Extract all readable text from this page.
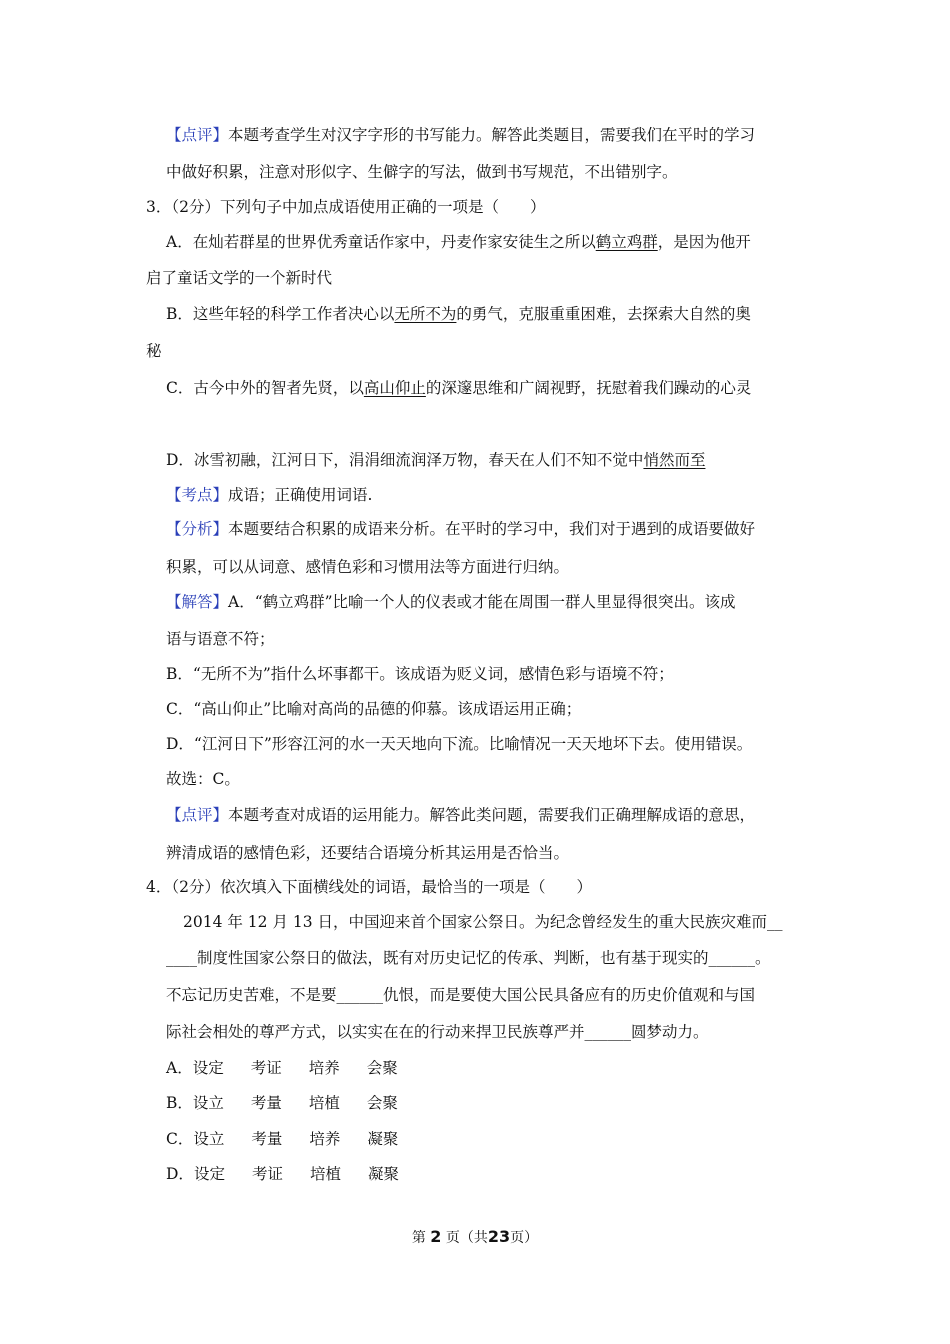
【点评】本题考查学生对汉字字形的书写能力。解答此类题目，需要我们在平时的学习
中做好积累，注意对形似字、生僻字的写法，做到书写规范，不出错别字。
3．（2分）下列句子中加点成语使用正确的一项是（　　）
A．在灿若群星的世界优秀童话作家中，丹麦作家安徒生之所以鹤立鸡群，是因为他开
启了童话文学的一个新时代
B．这些年轻的科学工作者决心以无所不为的勇气，克服重重困难，去探索大自然的奥
秘
C．古今中外的智者先贤，以高山仰止的深邃思维和广阔视野，抚慰着我们躁动的心灵
D．冰雪初融，江河日下，涓涓细流润泽万物，春天在人们不知不觉中悄然而至
【考点】成语；正确使用词语.
【分析】本题要结合积累的成语来分析。在平时的学习中，我们对于遇到的成语要做好
积累，可以从词意、感情色彩和习惯用法等方面进行归纳。
【解答】A．“鹤立鸡群”比喻一个人的仪表或才能在周围一群人里显得很突出。该成
语与语意不符；
B．“无所不为”指什么坏事都干。该成语为贬义词，感情色彩与语境不符；
C．“高山仰止”比喻对高尚的品德的仰慕。该成语运用正确；
D．“江河日下”形容江河的水一天天地向下流。比喻情况一天天地坏下去。使用错误。
故选：C。
【点评】本题考查对成语的运用能力。解答此类问题，需要我们正确理解成语的意思，
辨清成语的感情色彩，还要结合语境分析其运用是否恰当。
4．（2分）依次填入下面横线处的词语，最恰当的一项是（　　）
2014 年 12 月 13 日，中国迎来首个国家公祭日。为纪念曾经发生的重大民族灾难而__
____制度性国家公祭日的做法，既有对历史记忆的传承、判断，也有基于现实的______。
不忘记历史苦难，不是要______仇恨，而是要使大国公民具备应有的历史价值观和与国
际社会相处的尊严方式，以实实在在的行动来捍卫民族尊严并______圆梦动力。
A．设定 考证 培养 会聚
B．设立 考量 培植 会聚
C．设立 考量 培养 凝聚
D．设定 考证 培植 凝聚
第 2 页（共23页）
